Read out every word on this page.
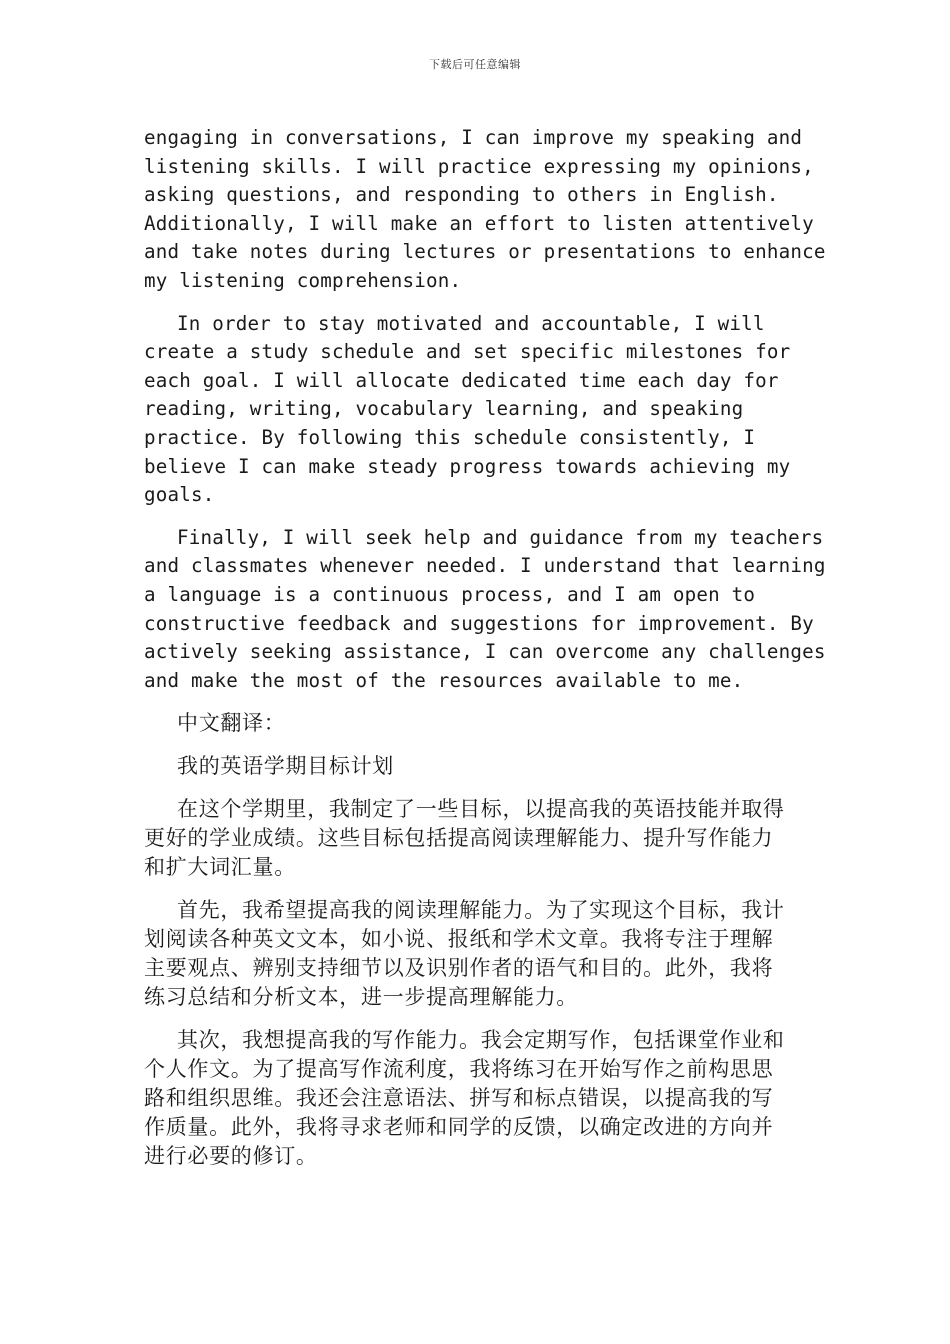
下载后可任意编辑

engaging in conversations, I can improve my speaking and
listening skills. I will practice expressing my opinions,
asking questions, and responding to others in English.
Additionally, I will make an effort to listen attentively
and take notes during lectures or presentations to enhance
my listening comprehension.

In order to stay motivated and accountable, I will
create a study schedule and set specific milestones for
each goal. I will allocate dedicated time each day for
reading, writing, vocabulary learning, and speaking
practice. By following this schedule consistently, I
believe I can make steady progress towards achieving my
goals.

Finally, I will seek help and guidance from my teachers
and classmates whenever needed. I understand that learning
a language is a continuous process, and I am open to
constructive feedback and suggestions for improvement. By
actively seeking assistance, I can overcome any challenges
and make the most of the resources available to me.

中文翻译：

我的英语学期目标计划

在这个学期里，我制定了一些目标，以提高我的英语技能并取得
更好的学业成绩。这些目标包括提高阅读理解能力、提升写作能力
和扩大词汇量。

首先，我希望提高我的阅读理解能力。为了实现这个目标，我计
划阅读各种英文文本，如小说、报纸和学术文章。我将专注于理解
主要观点、辨别支持细节以及识别作者的语气和目的。此外，我将
练习总结和分析文本，进一步提高理解能力。

其次，我想提高我的写作能力。我会定期写作，包括课堂作业和
个人作文。为了提高写作流利度，我将练习在开始写作之前构思思
路和组织思维。我还会注意语法、拼写和标点错误，以提高我的写
作质量。此外，我将寻求老师和同学的反馈，以确定改进的方向并
进行必要的修订。
